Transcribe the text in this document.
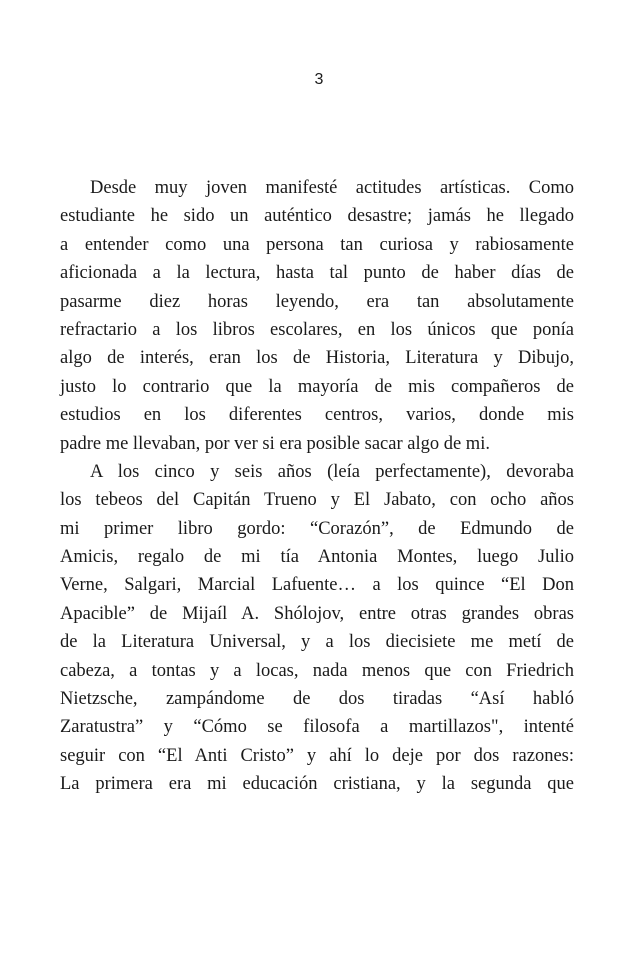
3
Desde muy joven manifesté actitudes artísticas. Como
estudiante he sido un auténtico desastre; jamás he llegado
a entender como una persona tan curiosa y rabiosamente
aficionada a la lectura, hasta tal punto de haber días de
pasarme diez horas leyendo, era tan absolutamente
refractario a los libros escolares, en los únicos que ponía
algo de interés, eran los de Historia, Literatura y Dibujo,
justo lo contrario que la mayoría de mis compañeros de
estudios en los diferentes centros, varios, donde mis
padre me llevaban, por ver si era posible sacar algo de mi.
A los cinco y seis años (leía perfectamente), devoraba
los tebeos del Capitán Trueno y El Jabato, con ocho años
mi primer libro gordo: “Corazón”, de Edmundo de
Amicis, regalo de mi tía Antonia Montes, luego Julio
Verne, Salgari, Marcial Lafuente… a los quince “El Don
Apacible” de Mijaíl A. Shólojov, entre otras grandes obras
de la Literatura Universal, y a los diecisiete me metí de
cabeza, a tontas y a locas, nada menos que con Friedrich
Nietzsche, zampándome de dos tiradas “Así habló
Zaratustra” y “Cómo se filosofa a martillazos", intenté
seguir con “El Anti Cristo” y ahí lo deje por dos razones:
La primera era mi educación cristiana, y la segunda que
